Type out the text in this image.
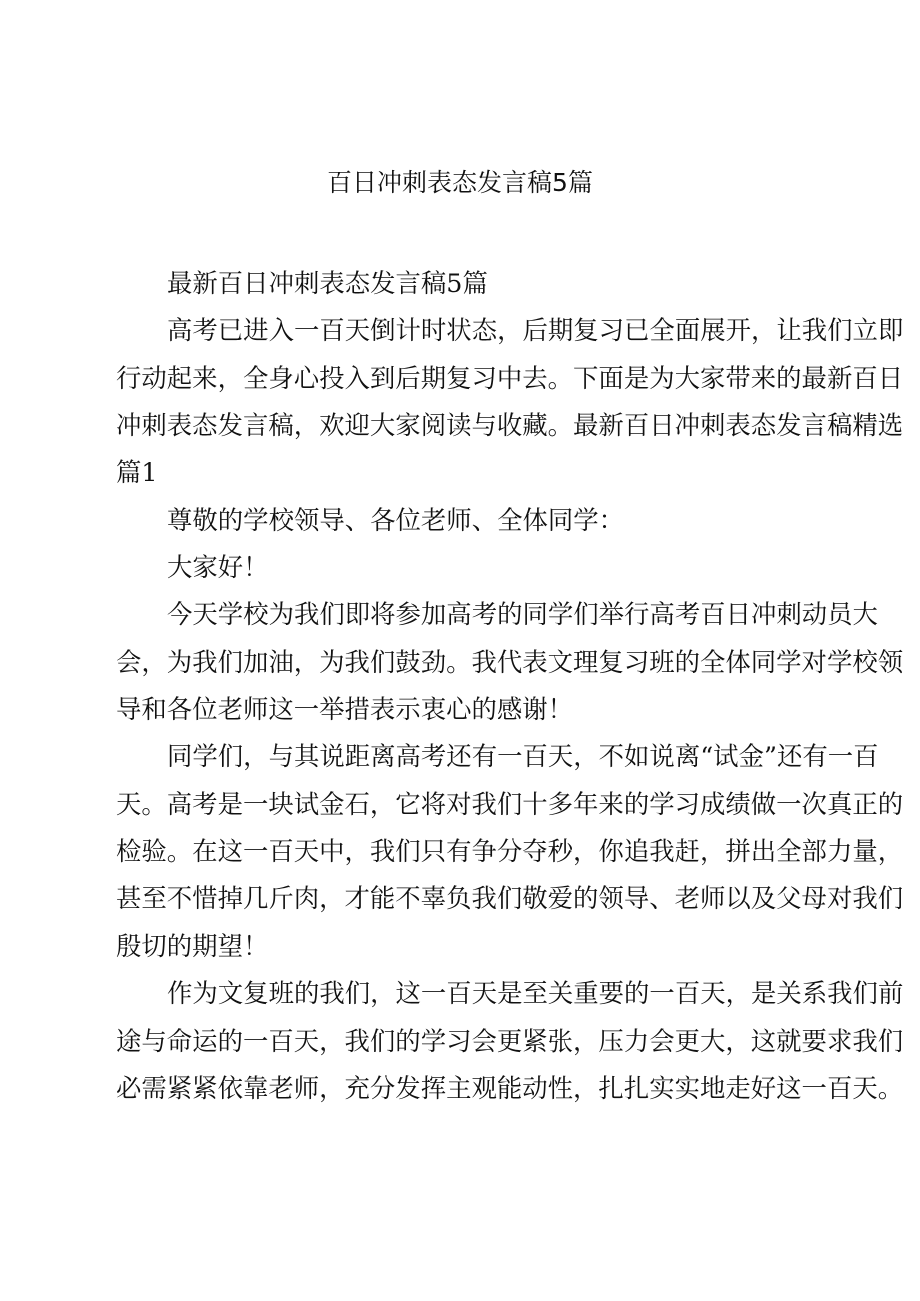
百日冲刺表态发言稿5篇
最新百日冲刺表态发言稿5篇
高考已进入一百天倒计时状态，后期复习已全面展开，让我们立即
行动起来，全身心投入到后期复习中去。下面是为大家带来的最新百日
冲刺表态发言稿，欢迎大家阅读与收藏。最新百日冲刺表态发言稿精选
篇1
尊敬的学校领导、各位老师、全体同学：
大家好！
今天学校为我们即将参加高考的同学们举行高考百日冲刺动员大
会，为我们加油，为我们鼓劲。我代表文理复习班的全体同学对学校领
导和各位老师这一举措表示衷心的感谢！
同学们，与其说距离高考还有一百天，不如说离“试金”还有一百
天。高考是一块试金石，它将对我们十多年来的学习成绩做一次真正的
检验。在这一百天中，我们只有争分夺秒，你追我赶，拼出全部力量，
甚至不惜掉几斤肉，才能不辜负我们敬爱的领导、老师以及父母对我们
殷切的期望！
作为文复班的我们，这一百天是至关重要的一百天，是关系我们前
途与命运的一百天，我们的学习会更紧张，压力会更大，这就要求我们
必需紧紧依靠老师，充分发挥主观能动性，扎扎实实地走好这一百天。
